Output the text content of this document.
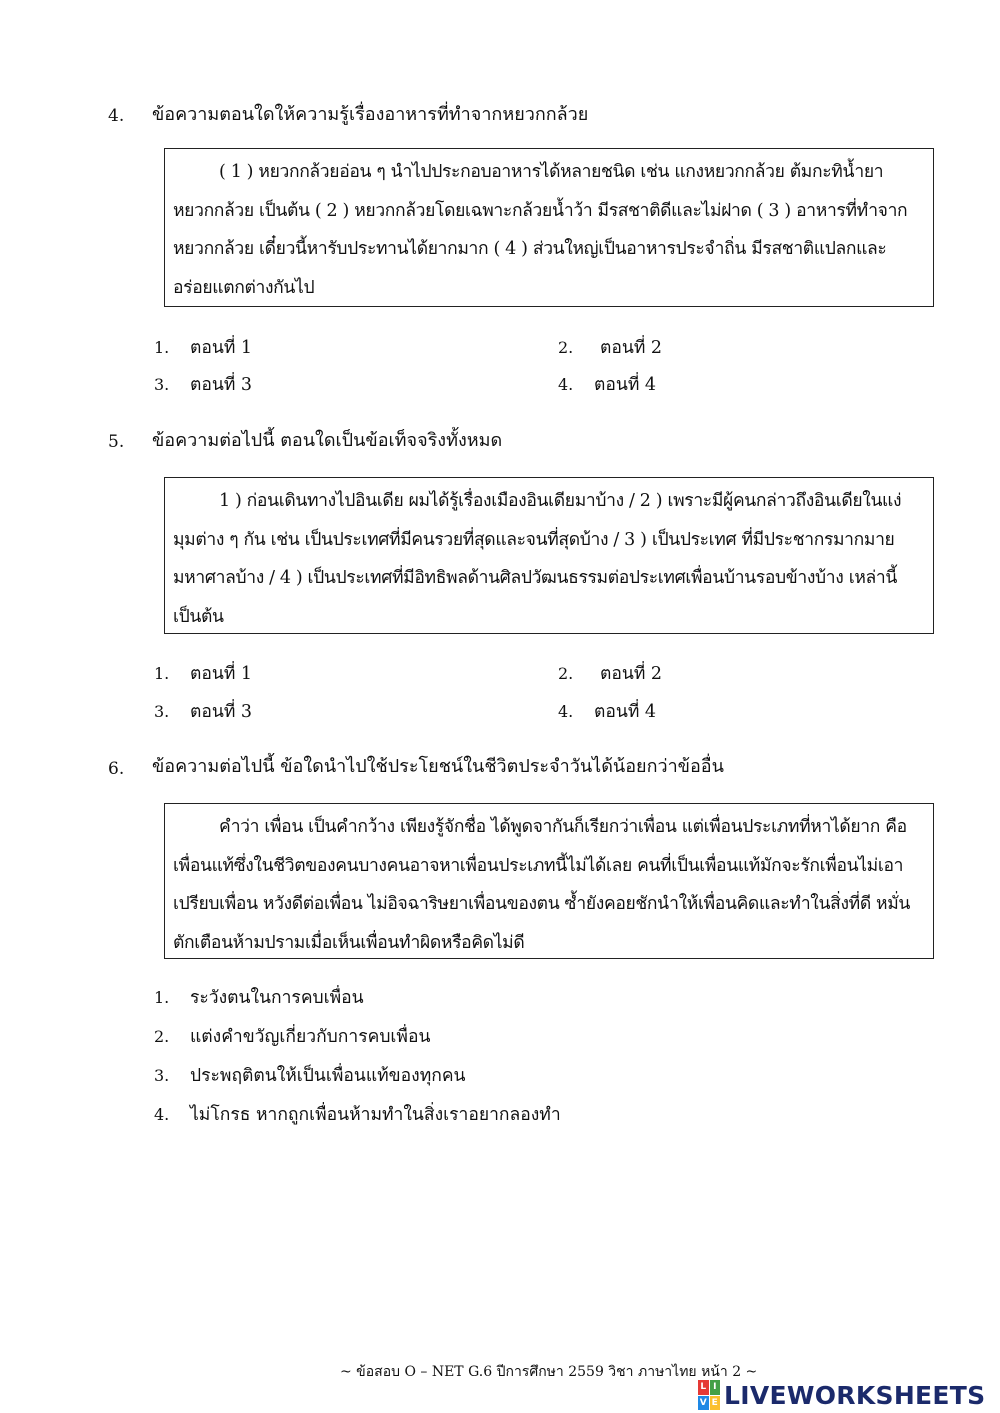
4. ข้อความตอนใดให้ความรู้เรื่องอาหารที่ทำจากหยวกกล้วย

( 1 ) หยวกกล้วยอ่อน ๆ นำไปประกอบอาหารได้หลายชนิด เช่น แกงหยวกกล้วย ต้มกะทิน้ำยาหยวกกล้วย เป็นต้น ( 2 ) หยวกกล้วยโดยเฉพาะกล้วยน้ำว้า มีรสชาติดีและไม่ฝาด ( 3 ) อาหารที่ทำจากหยวกกล้วย เดี๋ยวนี้หารับประทานได้ยากมาก ( 4 ) ส่วนใหญ่เป็นอาหารประจำถิ่น มีรสชาติแปลกและอร่อยแตกต่างกันไป

1. ตอนที่ 1	2. ตอนที่ 2
3. ตอนที่ 3	4. ตอนที่ 4
5. ข้อความต่อไปนี้ ตอนใดเป็นข้อเท็จจริงทั้งหมด

1 ) ก่อนเดินทางไปอินเดีย ผมได้รู้เรื่องเมืองอินเดียมาบ้าง / 2 ) เพราะมีผู้คนกล่าวถึงอินเดียในแง่มุมต่าง ๆ กัน เช่น เป็นประเทศที่มีคนรวยที่สุดและจนที่สุดบ้าง / 3 ) เป็นประเทศ ที่มีประชากรมากมายมหาศาลบ้าง / 4 ) เป็นประเทศที่มีอิทธิพลด้านศิลปวัฒนธรรมต่อประเทศเพื่อนบ้านรอบข้างบ้าง เหล่านี้เป็นต้น

1. ตอนที่ 1	2. ตอนที่ 2
3. ตอนที่ 3	4. ตอนที่ 4
6. ข้อความต่อไปนี้ ข้อใดนำไปใช้ประโยชน์ในชีวิตประจำวันได้น้อยกว่าข้ออื่น

คำว่า เพื่อน เป็นคำกว้าง เพียงรู้จักชื่อ ได้พูดจากันก็เรียกว่าเพื่อน แต่เพื่อนประเภทที่หาได้ยาก คือเพื่อนแท้ซึ่งในชีวิตของคนบางคนอาจหาเพื่อนประเภทนี้ไม่ได้เลย คนที่เป็นเพื่อนแท้มักจะรักเพื่อนไม่เอาเปรียบเพื่อน หวังดีต่อเพื่อน ไม่อิจฉาริษยาเพื่อนของตน ซ้ำยังคอยชักนำให้เพื่อนคิดและทำในสิ่งที่ดี หมั่นตักเตือนห้ามปรามเมื่อเห็นเพื่อนทำผิดหรือคิดไม่ดี

1. ระวังตนในการคบเพื่อน
2. แต่งคำขวัญเกี่ยวกับการคบเพื่อน
3. ประพฤติตนให้เป็นเพื่อนแท้ของทุกคน
4. ไม่โกรธ หากถูกเพื่อนห้ามทำในสิ่งเราอยากลองทำ
~ ข้อสอบ O – NET G.6 ปีการศึกษา 2559 วิชา ภาษาไทย หน้า 2 ~
L I
V E LIVEWORKSHEETS
